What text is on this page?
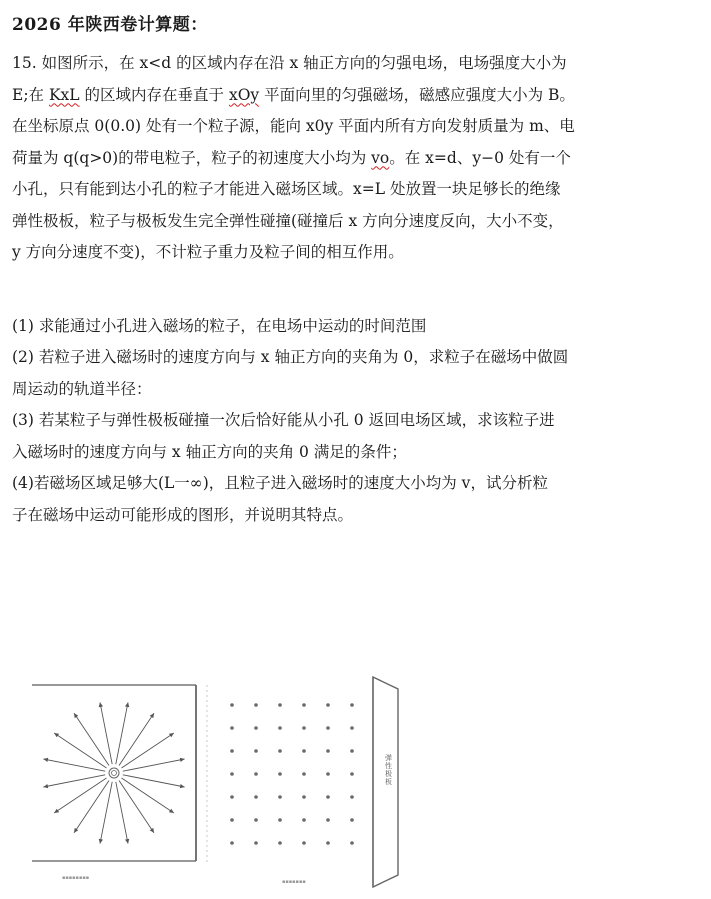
2026 年陕西卷计算题：

15. 如图所示，在 x<d 的区域内存在沿 x 轴正方向的匀强电场，电场强度大小为

E;在 KxL 的区域内存在垂直于 xOy 平面向里的匀强磁场，磁感应强度大小为 B。

在坐标原点 0(0.0) 处有一个粒子源，能向 x0y 平面内所有方向发射质量为 m、电

荷量为 q(q>0)的带电粒子，粒子的初速度大小均为 vo。在 x=d、y−0 处有一个

小孔，只有能到达小孔的粒子才能进入磁场区域。x=L 处放置一块足够长的绝缘

弹性极板，粒子与极板发生完全弹性碰撞(碰撞后 x 方向分速度反向，大小不变，

y 方向分速度不变)，不计粒子重力及粒子间的相互作用。

(1) 求能通过小孔进入磁场的粒子，在电场中运动的时间范围

(2) 若粒子进入磁场时的速度方向与 x 轴正方向的夹角为 0，求粒子在磁场中做圆

周运动的轨道半径：

(3) 若某粒子与弹性极板碰撞一次后恰好能从小孔 0 返回电场区域，求该粒子进

入磁场时的速度方向与 x 轴正方向的夹角 0 满足的条件；

(4)若磁场区域足够大(L一∞)，且粒子进入磁场时的速度大小均为 v，试分析粒

子在磁场中运动可能形成的图形，并说明其特点。

▪▪▪▪▪▪▪▪
▪▪▪▪▪▪▪
弹性极板
